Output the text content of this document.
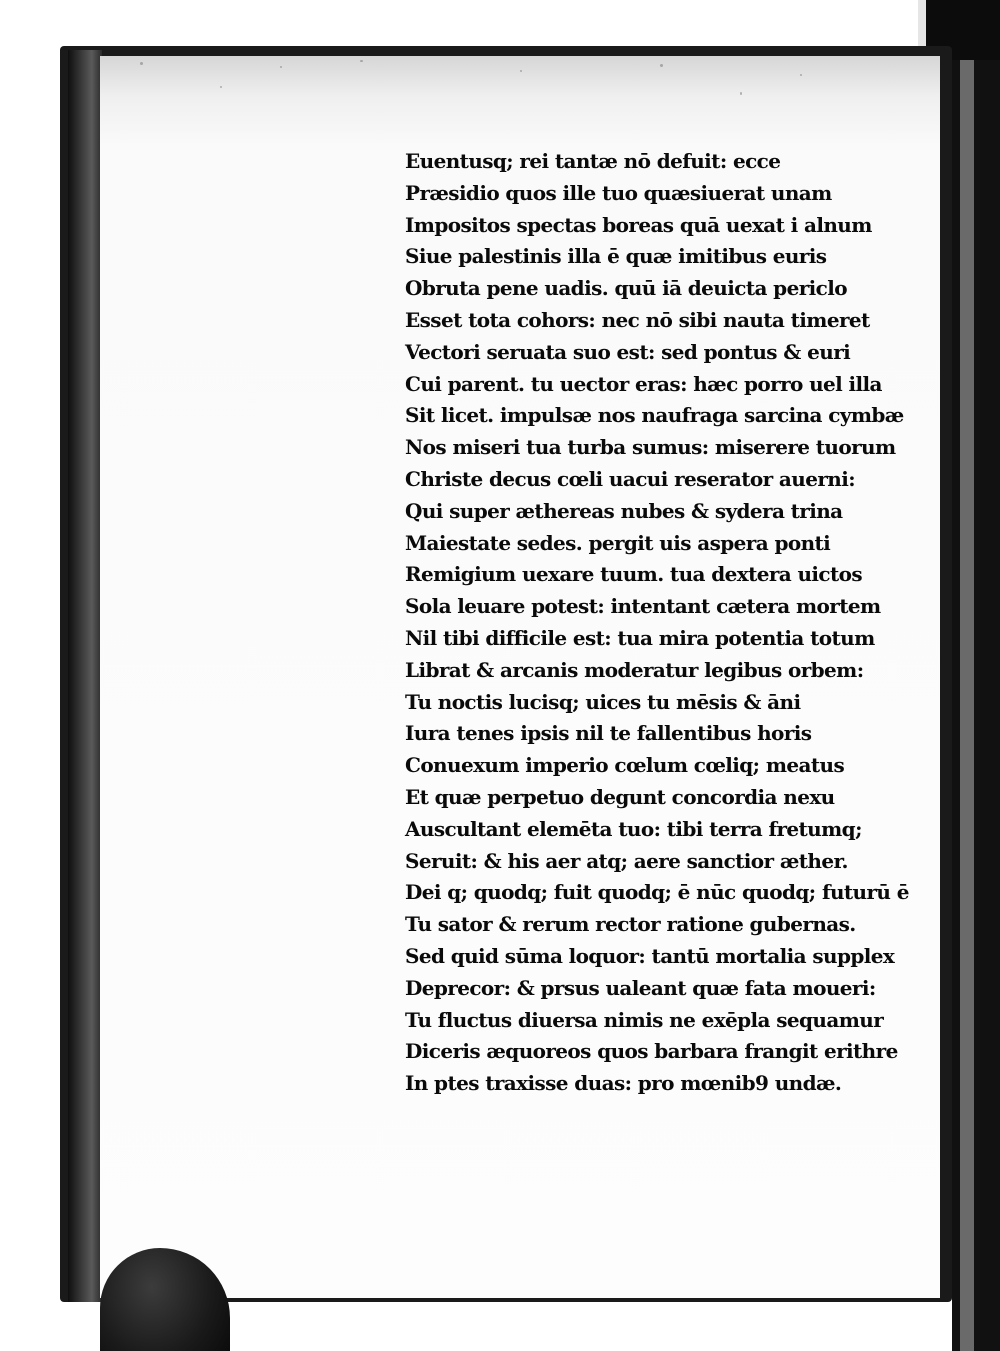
Euentusq; rei tantæ nō defuit: ecce
Præsidio quos ille tuo quæsiuerat unam
Impositos spectas boreas quā uexat i alnum
Siue palestinis illa ē quæ imitibus euris
Obruta pene uadis. quū iā deuicta periclo
Esset tota cohors: nec nō sibi nauta timeret
Vectori seruata suo est: sed pontus & euri
Cui parent. tu uector eras: hæc porro uel illa
Sit licet. impulsæ nos naufraga sarcina cymbæ
Nos miseri tua turba sumus: miserere tuorum
Christe decus cœli uacui reserator auerni:
Qui super æthereas nubes & sydera trina
Maiestate sedes. pergit uis aspera ponti
Remigium uexare tuum. tua dextera uictos
Sola leuare potest: intentant cætera mortem
Nil tibi difficile est: tua mira potentia totum
Librat & arcanis moderatur legibus orbem:
Tu noctis lucisq; uices tu mēsis & āni
Iura tenes ipsis nil te fallentibus horis
Conuexum imperio cœlum cœliq; meatus
Et quæ perpetuo degunt concordia nexu
Auscultant elemēta tuo: tibi terra fretumq;
Seruit: & his aer atq; aere sanctior æther.
Dei q; quodq; fuit quodq; ē nūc quodq; futurū ē
Tu sator & rerum rector ratione gubernas.
Sed quid sūma loquor: tantū mortalia supplex
Deprecor: & prsus ualeant quæ fata moueri:
Tu fluctus diuersa nimis ne exēpla sequamur
Diceris æquoreos quos barbara frangit erithre
In ptes traxisse duas: pro mœnib9 undæ.
